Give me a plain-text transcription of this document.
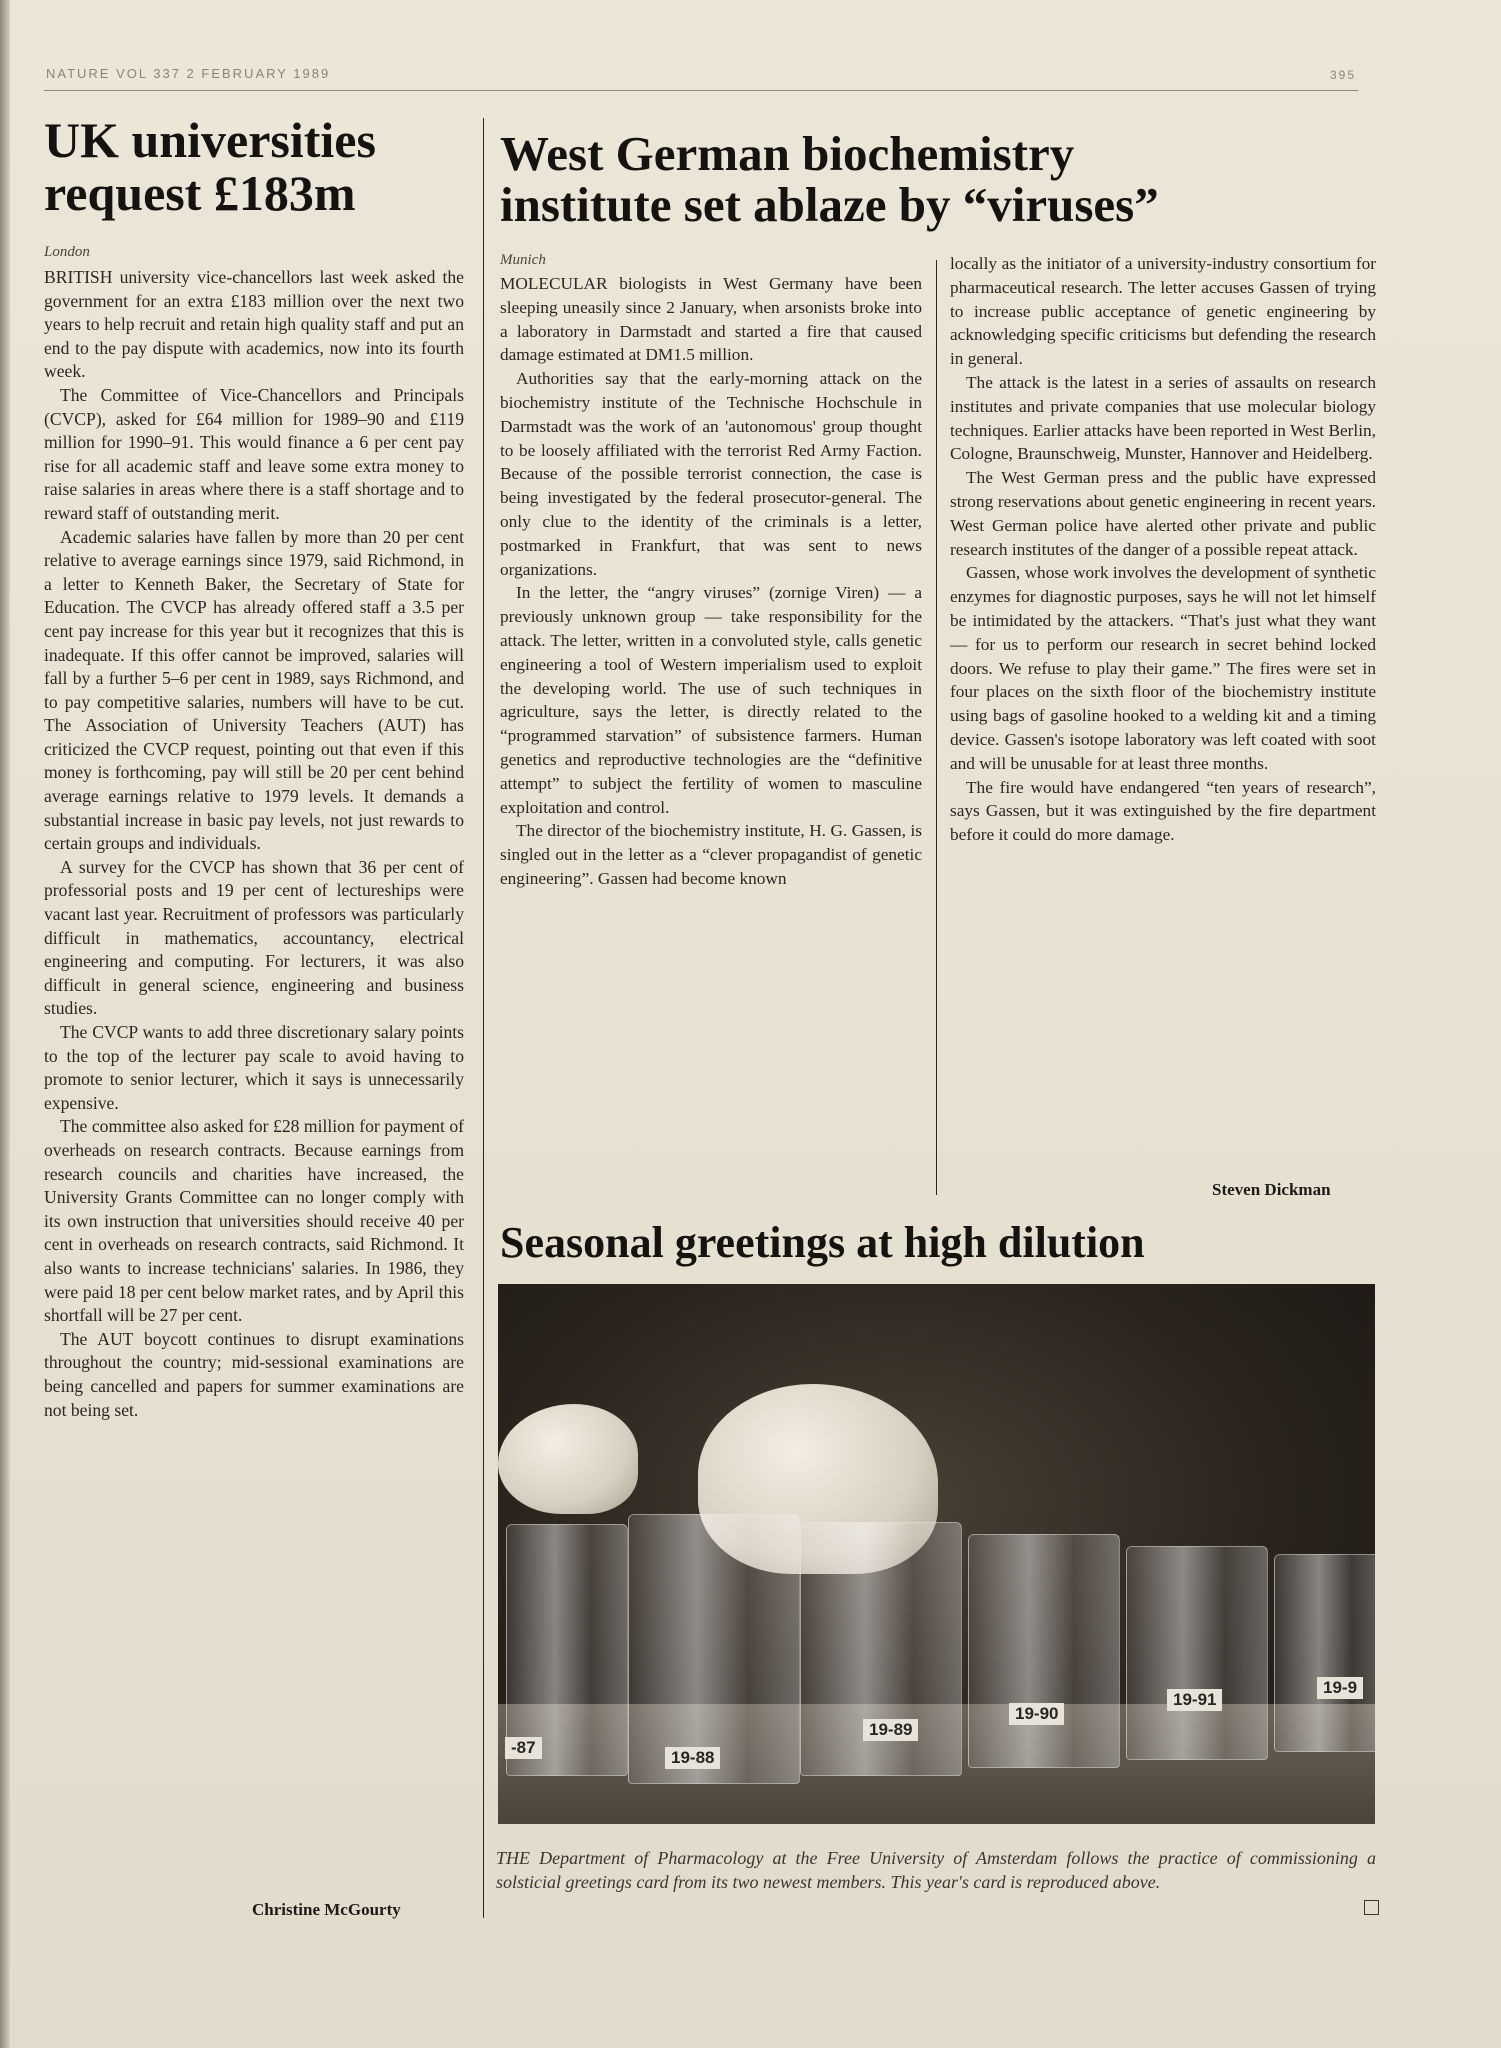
NATURE VOL 337 2 FEBRUARY 1989	395
UK universities
request £183m
London

BRITISH university vice-chancellors last week asked the government for an extra £183 million over the next two years to help recruit and retain high quality staff and put an end to the pay dispute with academics, now into its fourth week.

The Committee of Vice-Chancellors and Principals (CVCP), asked for £64 million for 1989–90 and £119 million for 1990–91. This would finance a 6 per cent pay rise for all academic staff and leave some extra money to raise salaries in areas where there is a staff shortage and to reward staff of outstanding merit.

Academic salaries have fallen by more than 20 per cent relative to average earnings since 1979, said Richmond, in a letter to Kenneth Baker, the Secretary of State for Education. The CVCP has already offered staff a 3.5 per cent pay increase for this year but it recognizes that this is inadequate. If this offer cannot be improved, salaries will fall by a further 5–6 per cent in 1989, says Richmond, and to pay competitive salaries, numbers will have to be cut. The Association of University Teachers (AUT) has criticized the CVCP request, pointing out that even if this money is forthcoming, pay will still be 20 per cent behind average earnings relative to 1979 levels. It demands a substantial increase in basic pay levels, not just rewards to certain groups and individuals.

A survey for the CVCP has shown that 36 per cent of professorial posts and 19 per cent of lectureships were vacant last year. Recruitment of professors was particularly difficult in mathematics, accountancy, electrical engineering and computing. For lecturers, it was also difficult in general science, engineering and business studies.

The CVCP wants to add three discretionary salary points to the top of the lecturer pay scale to avoid having to promote to senior lecturer, which it says is unnecessarily expensive.

The committee also asked for £28 million for payment of overheads on research contracts. Because earnings from research councils and charities have increased, the University Grants Committee can no longer comply with its own instruction that universities should receive 40 per cent in overheads on research contracts, said Richmond. It also wants to increase technicians' salaries. In 1986, they were paid 18 per cent below market rates, and by April this shortfall will be 27 per cent.

The AUT boycott continues to disrupt examinations throughout the country; mid-sessional examinations are being cancelled and papers for summer examinations are not being set.

Christine McGourty
West German biochemistry
institute set ablaze by “viruses”
Munich

MOLECULAR biologists in West Germany have been sleeping uneasily since 2 January, when arsonists broke into a laboratory in Darmstadt and started a fire that caused damage estimated at DM1.5 million.

Authorities say that the early-morning attack on the biochemistry institute of the Technische Hochschule in Darmstadt was the work of an 'autonomous' group thought to be loosely affiliated with the terrorist Red Army Faction. Because of the possible terrorist connection, the case is being investigated by the federal prosecutor-general. The only clue to the identity of the criminals is a letter, postmarked in Frankfurt, that was sent to news organizations.

In the letter, the “angry viruses” (zornige Viren) — a previously unknown group — take responsibility for the attack. The letter, written in a convoluted style, calls genetic engineering a tool of Western imperialism used to exploit the developing world. The use of such techniques in agriculture, says the letter, is directly related to the “programmed starvation” of subsistence farmers. Human genetics and reproductive technologies are the “definitive attempt” to subject the fertility of women to masculine exploitation and control.

The director of the biochemistry institute, H. G. Gassen, is singled out in the letter as a “clever propagandist of genetic engineering”. Gassen had become known

locally as the initiator of a university-industry consortium for pharmaceutical research. The letter accuses Gassen of trying to increase public acceptance of genetic engineering by acknowledging specific criticisms but defending the research in general.

The attack is the latest in a series of assaults on research institutes and private companies that use molecular biology techniques. Earlier attacks have been reported in West Berlin, Cologne, Braunschweig, Munster, Hannover and Heidelberg.

The West German press and the public have expressed strong reservations about genetic engineering in recent years. West German police have alerted other private and public research institutes of the danger of a possible repeat attack.

Gassen, whose work involves the development of synthetic enzymes for diagnostic purposes, says he will not let himself be intimidated by the attackers. “That's just what they want — for us to perform our research in secret behind locked doors. We refuse to play their game.” The fires were set in four places on the sixth floor of the biochemistry institute using bags of gasoline hooked to a welding kit and a timing device. Gassen's isotope laboratory was left coated with soot and will be unusable for at least three months.

The fire would have endangered “ten years of research”, says Gassen, but it was extinguished by the fire department before it could do more damage.

Steven Dickman
Seasonal greetings at high dilution
-87
19-88
19-89
19-90
19-91
19-9
THE Department of Pharmacology at the Free University of Amsterdam follows the practice of commissioning a solsticial greetings card from its two newest members. This year's card is reproduced above.
